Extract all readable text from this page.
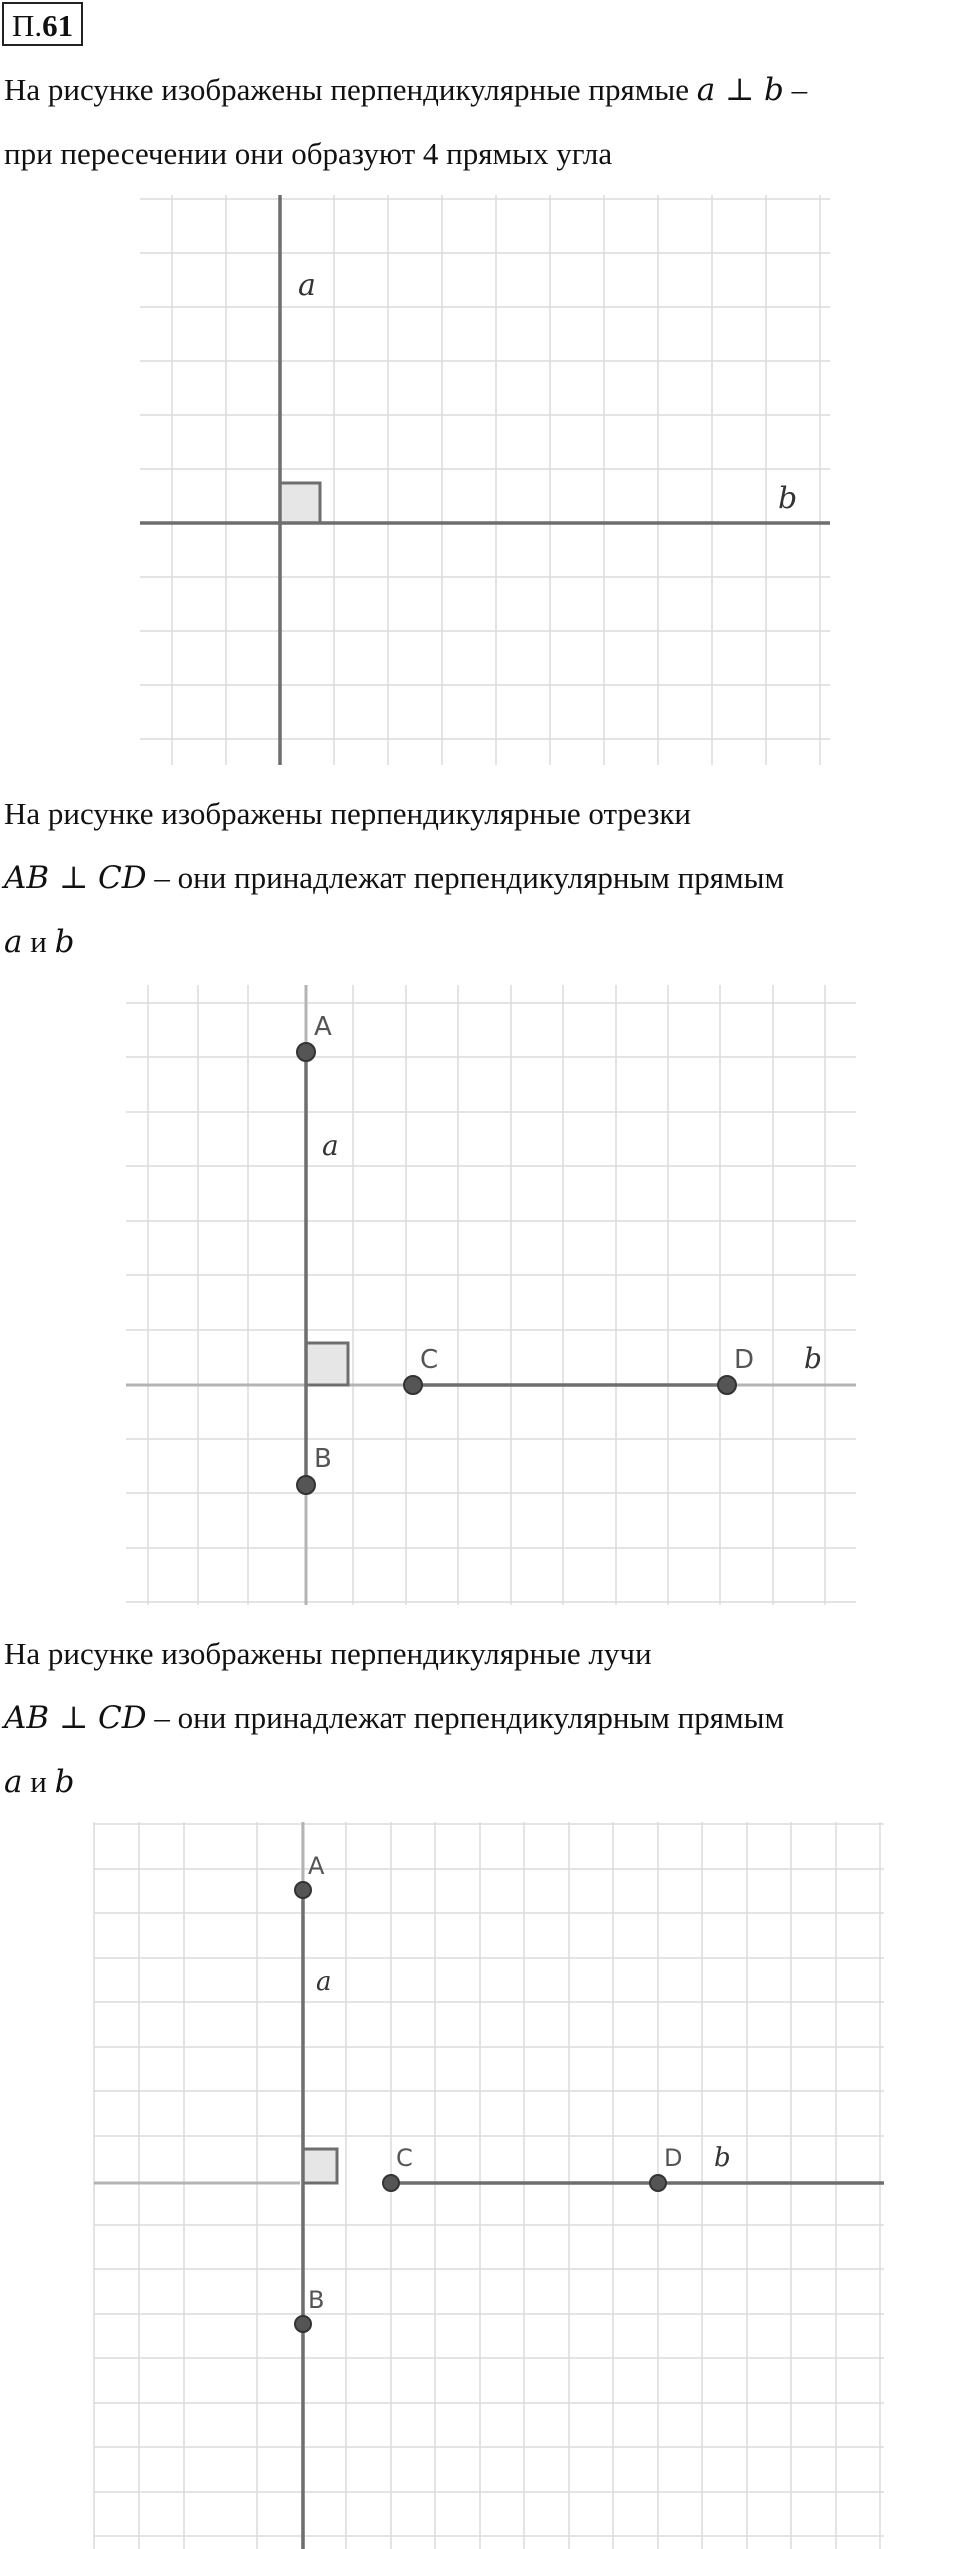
П.61
На рисунке изображены перпендикулярные прямые a ⊥ b –
при пересечении они образуют 4 прямых угла
a
b
На рисунке изображены перпендикулярные отрезки
AB ⊥ CD – они принадлежат перпендикулярным прямым
a и b
A
B
C	D
a
b
На рисунке изображены перпендикулярные лучи
AB ⊥ CD – они принадлежат перпендикулярным прямым
a и b
A
B
C	D
a
b
